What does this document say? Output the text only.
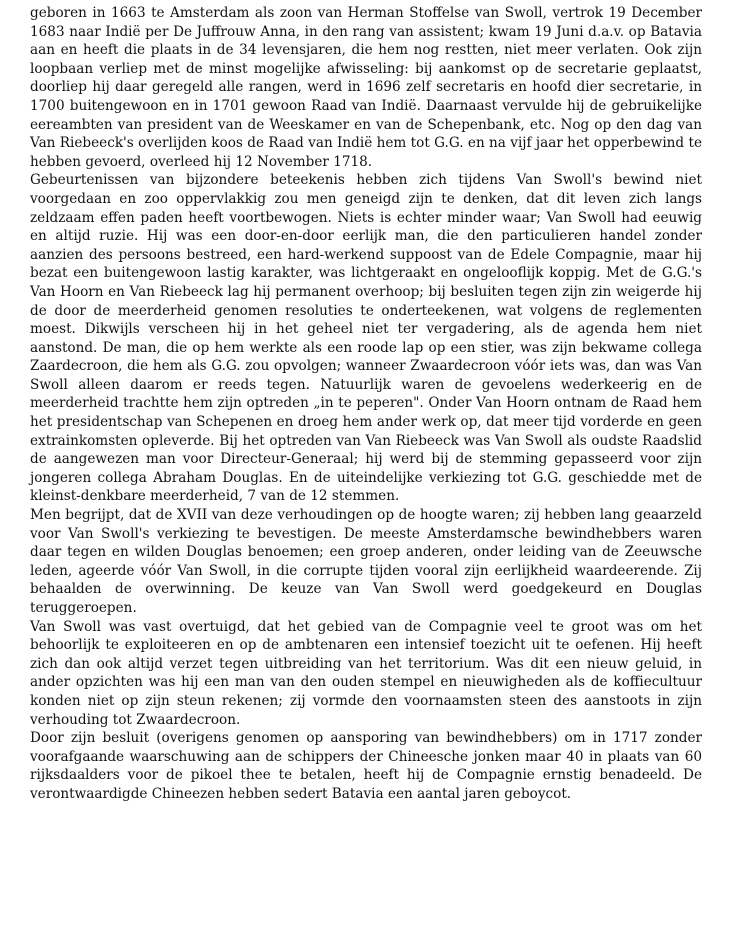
geboren in 1663 te Amsterdam als zoon van Herman Stoffelse van Swoll, vertrok 19 December 1683 naar Indië per De Juffrouw Anna, in den rang van assistent; kwam 19 Juni d.a.v. op Batavia aan en heeft die plaats in de 34 levensjaren, die hem nog restten, niet meer verlaten. Ook zijn loopbaan verliep met de minst mogelijke afwisseling: bij aankomst op de secretarie geplaatst, doorliep hij daar geregeld alle rangen, werd in 1696 zelf secretaris en hoofd dier secretarie, in 1700 buitengewoon en in 1701 gewoon Raad van Indië. Daarnaast vervulde hij de gebruikelijke eereambten van president van de Weeskamer en van de Schepenbank, etc. Nog op den dag van Van Riebeeck's overlijden koos de Raad van Indië hem tot G.G. en na vijf jaar het opperbewind te hebben gevoerd, overleed hij 12 November 1718.

Gebeurtenissen van bijzondere beteekenis hebben zich tijdens Van Swoll's bewind niet voorgedaan en zoo oppervlakkig zou men geneigd zijn te denken, dat dit leven zich langs zeldzaam effen paden heeft voortbewogen. Niets is echter minder waar; Van Swoll had eeuwig en altijd ruzie. Hij was een door-en-door eerlijk man, die den particulieren handel zonder aanzien des persoons bestreed, een hard-werkend suppoost van de Edele Compagnie, maar hij bezat een buitengewoon lastig karakter, was lichtgeraakt en ongelooflijk koppig. Met de G.G.'s Van Hoorn en Van Riebeeck lag hij permanent overhoop; bij besluiten tegen zijn zin weigerde hij de door de meerderheid genomen resoluties te onderteekenen, wat volgens de reglementen moest. Dikwijls verscheen hij in het geheel niet ter vergadering, als de agenda hem niet aanstond. De man, die op hem werkte als een roode lap op een stier, was zijn bekwame collega Zaardecroon, die hem als G.G. zou opvolgen; wanneer Zwaardecroon vóór iets was, dan was Van Swoll alleen daarom er reeds tegen. Natuurlijk waren de gevoelens wederkeerig en de meerderheid trachtte hem zijn optreden „in te peperen". Onder Van Hoorn ontnam de Raad hem het presidentschap van Schepenen en droeg hem ander werk op, dat meer tijd vorderde en geen extrainkomsten opleverde. Bij het optreden van Van Riebeeck was Van Swoll als oudste Raadslid de aangewezen man voor Directeur-Generaal; hij werd bij de stemming gepasseerd voor zijn jongeren collega Abraham Douglas. En de uiteindelijke verkiezing tot G.G. geschiedde met de kleinst-denkbare meerderheid, 7 van de 12 stemmen.

Men begrijpt, dat de XVII van deze verhoudingen op de hoogte waren; zij hebben lang geaarzeld voor Van Swoll's verkiezing te bevestigen. De meeste Amsterdamsche bewindhebbers waren daar tegen en wilden Douglas benoemen; een groep anderen, onder leiding van de Zeeuwsche leden, ageerde vóór Van Swoll, in die corrupte tijden vooral zijn eerlijkheid waardeerende. Zij behaalden de overwinning. De keuze van Van Swoll werd goedgekeurd en Douglas teruggeroepen.

Van Swoll was vast overtuigd, dat het gebied van de Compagnie veel te groot was om het behoorlijk te exploiteeren en op de ambtenaren een intensief toezicht uit te oefenen. Hij heeft zich dan ook altijd verzet tegen uitbreiding van het territorium. Was dit een nieuw geluid, in ander opzichten was hij een man van den ouden stempel en nieuwigheden als de koffiecultuur konden niet op zijn steun rekenen; zij vormde den voornaamsten steen des aanstoots in zijn verhouding tot Zwaardecroon.

Door zijn besluit (overigens genomen op aansporing van bewindhebbers) om in 1717 zonder voorafgaande waarschuwing aan de schippers der Chineesche jonken maar 40 in plaats van 60 rijksdaalders voor de pikoel thee te betalen, heeft hij de Compagnie ernstig benadeeld. De verontwaardigde Chineezen hebben sedert Batavia een aantal jaren geboycot.
